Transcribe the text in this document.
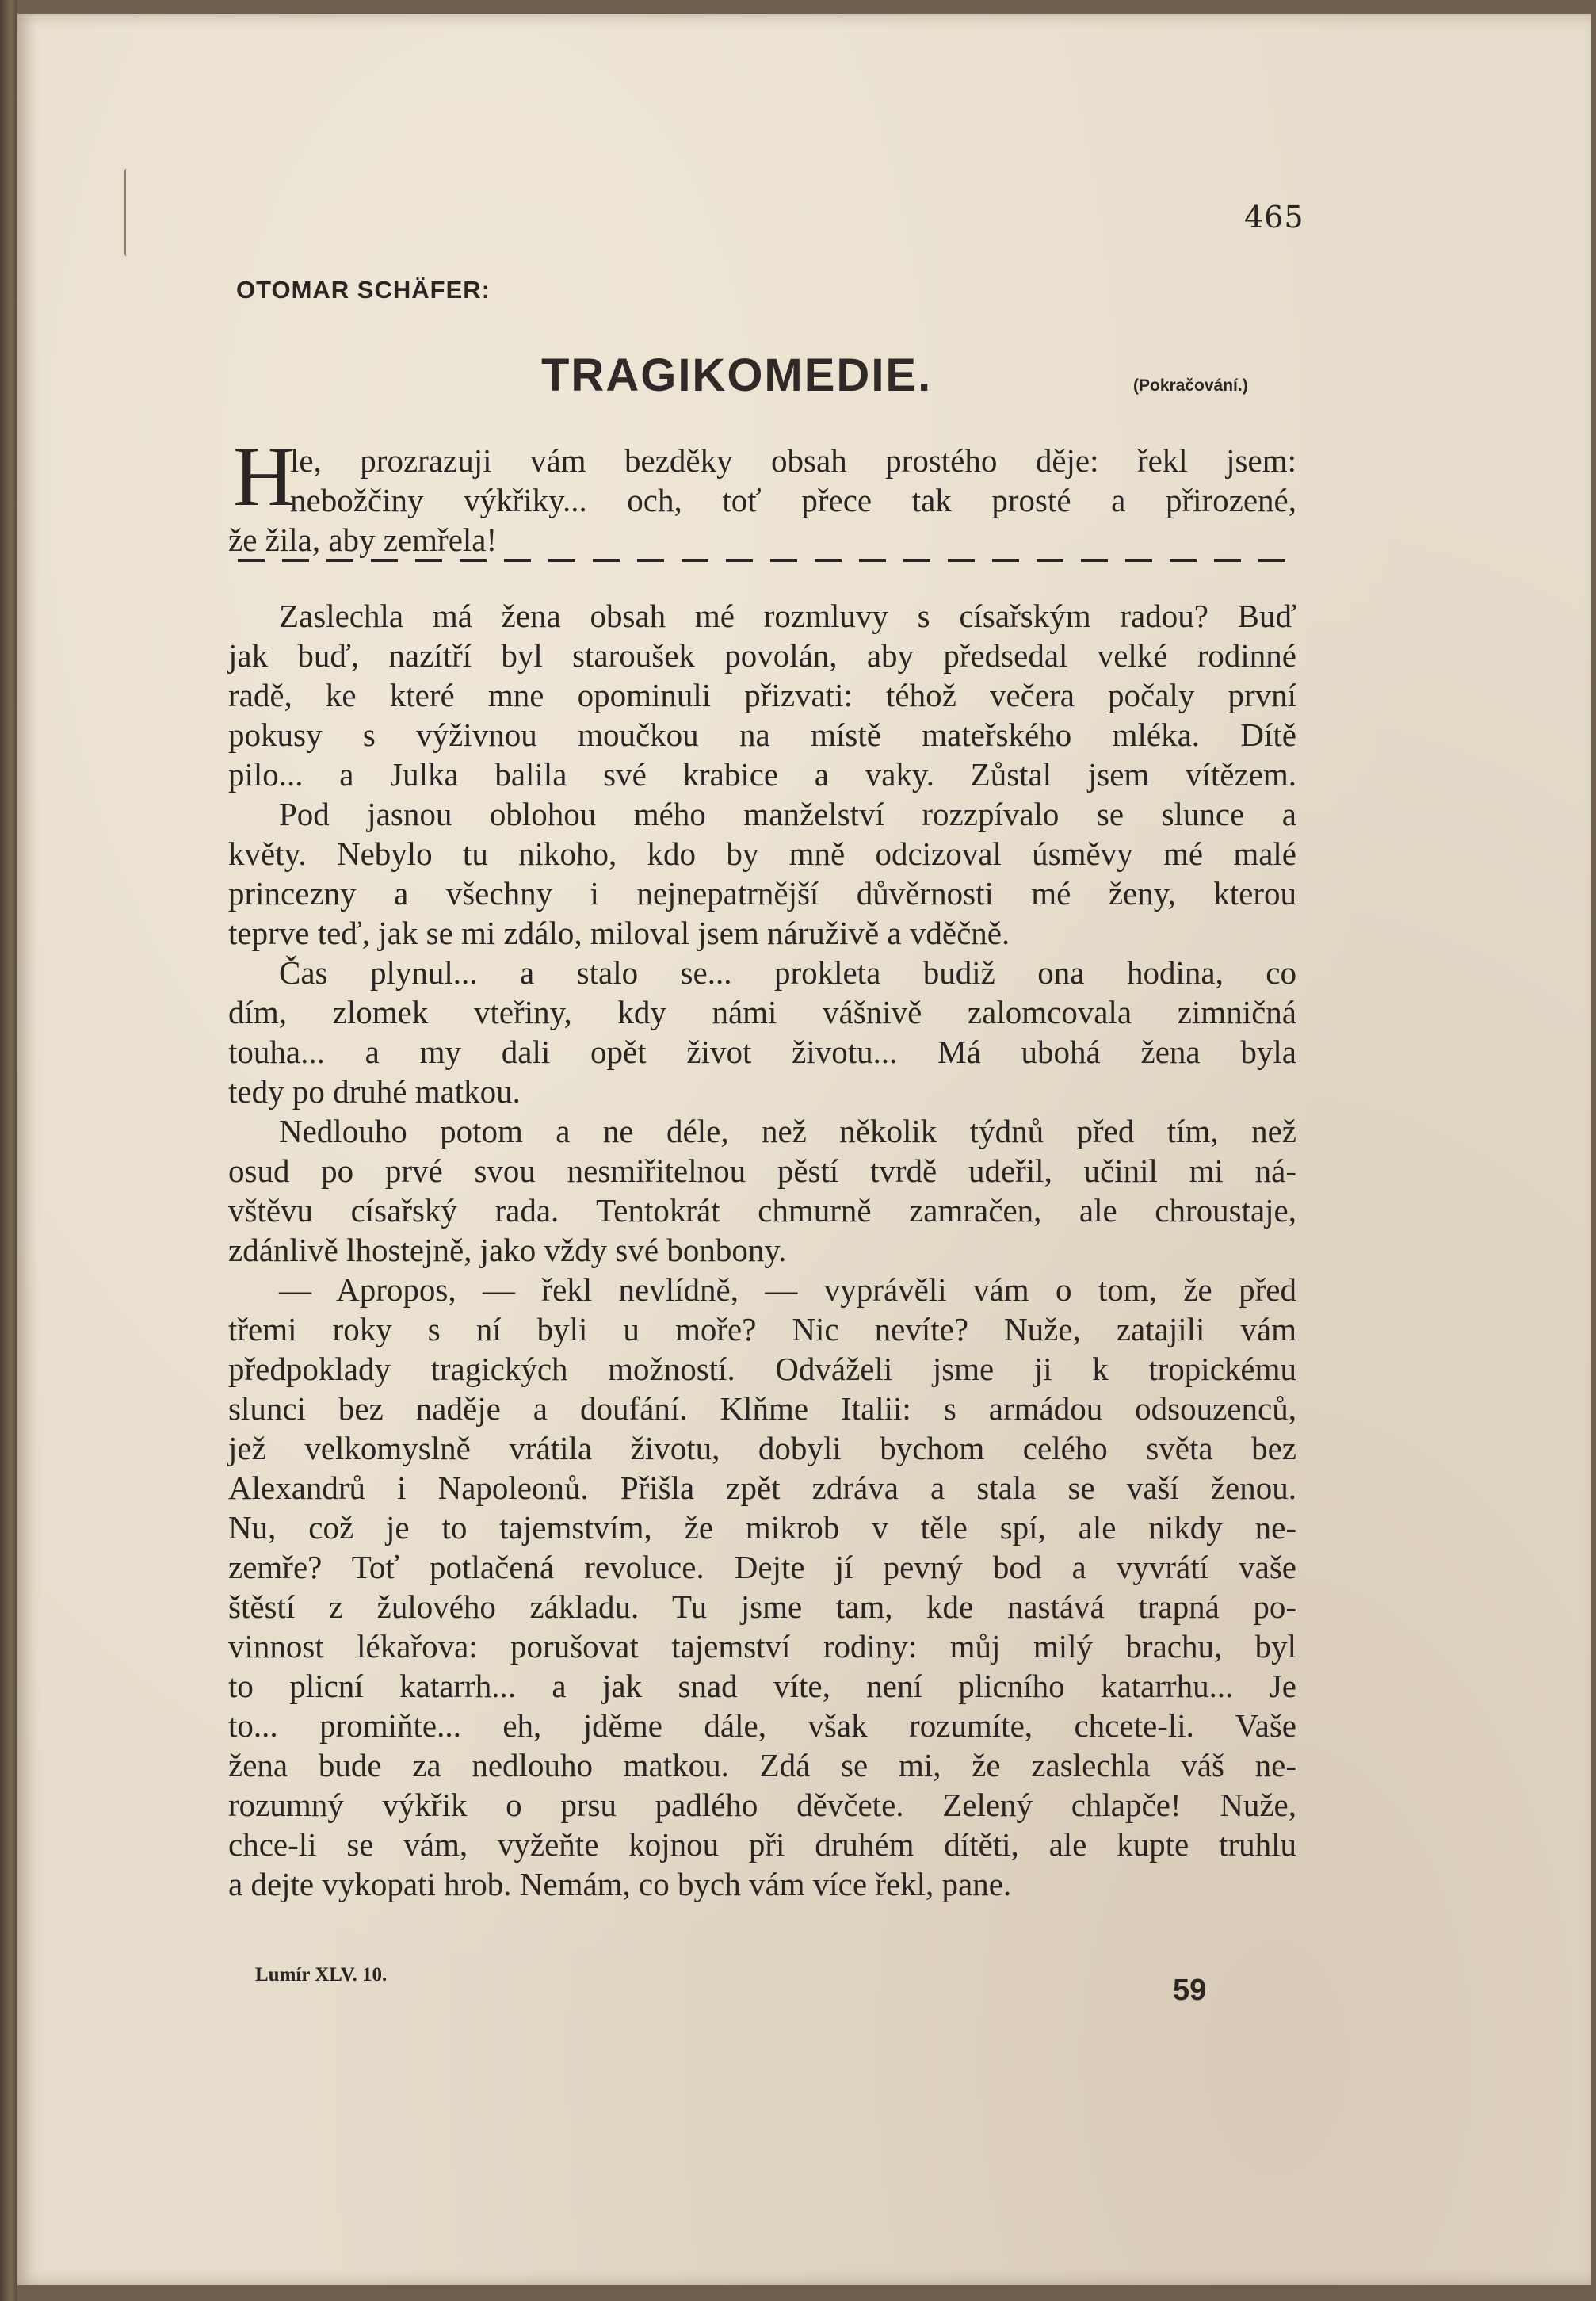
465
OTOMAR SCHÄFER:
TRAGIKOMEDIE.	(Pokračování.)
H
le, prozrazuji vám bezděky obsah prostého děje: řekl jsem:
nebožčiny výkřiky... och, toť přece tak prosté a přirozené,
že žila, aby zemřela!
Zaslechla má žena obsah mé rozmluvy s císařským radou? Buď
jak buď, nazítří byl staroušek povolán, aby předsedal velké rodinné
radě, ke které mne opominuli přizvati: téhož večera počaly první
pokusy s výživnou moučkou na místě mateřského mléka. Dítě
pilo... a Julka balila své krabice a vaky. Zůstal jsem vítězem.
Pod jasnou oblohou mého manželství rozzpívalo se slunce a
květy. Nebylo tu nikoho, kdo by mně odcizoval úsměvy mé malé
princezny a všechny i nejnepatrnější důvěrnosti mé ženy, kterou
teprve teď, jak se mi zdálo, miloval jsem náruživě a vděčně.
Čas plynul... a stalo se... prokleta budiž ona hodina, co
dím, zlomek vteřiny, kdy námi vášnivě zalomcovala zimničná
touha... a my dali opět život životu... Má ubohá žena byla
tedy po druhé matkou.
Nedlouho potom a ne déle, než několik týdnů před tím, než
osud po prvé svou nesmiřitelnou pěstí tvrdě udeřil, učinil mi ná-
vštěvu císařský rada. Tentokrát chmurně zamračen, ale chroustaje,
zdánlivě lhostejně, jako vždy své bonbony.
— Apropos, — řekl nevlídně, — vyprávěli vám o tom, že před
třemi roky s ní byli u moře? Nic nevíte? Nuže, zatajili vám
předpoklady tragických možností. Odváželi jsme ji k tropickému
slunci bez naděje a doufání. Klňme Italii: s armádou odsouzenců,
jež velkomyslně vrátila životu, dobyli bychom celého světa bez
Alexandrů i Napoleonů. Přišla zpět zdráva a stala se vaší ženou.
Nu, což je to tajemstvím, že mikrob v těle spí, ale nikdy ne-
zemře? Toť potlačená revoluce. Dejte jí pevný bod a vyvrátí vaše
štěstí z žulového základu. Tu jsme tam, kde nastává trapná po-
vinnost lékařova: porušovat tajemství rodiny: můj milý brachu, byl
to plicní katarrh... a jak snad víte, není plicního katarrhu... Je
to... promiňte... eh, jděme dále, však rozumíte, chcete-li. Vaše
žena bude za nedlouho matkou. Zdá se mi, že zaslechla váš ne-
rozumný výkřik o prsu padlého děvčete. Zelený chlapče! Nuže,
chce-li se vám, vyžeňte kojnou při druhém dítěti, ale kupte truhlu
a dejte vykopati hrob. Nemám, co bych vám více řekl, pane.
Lumír XLV. 10.	59
